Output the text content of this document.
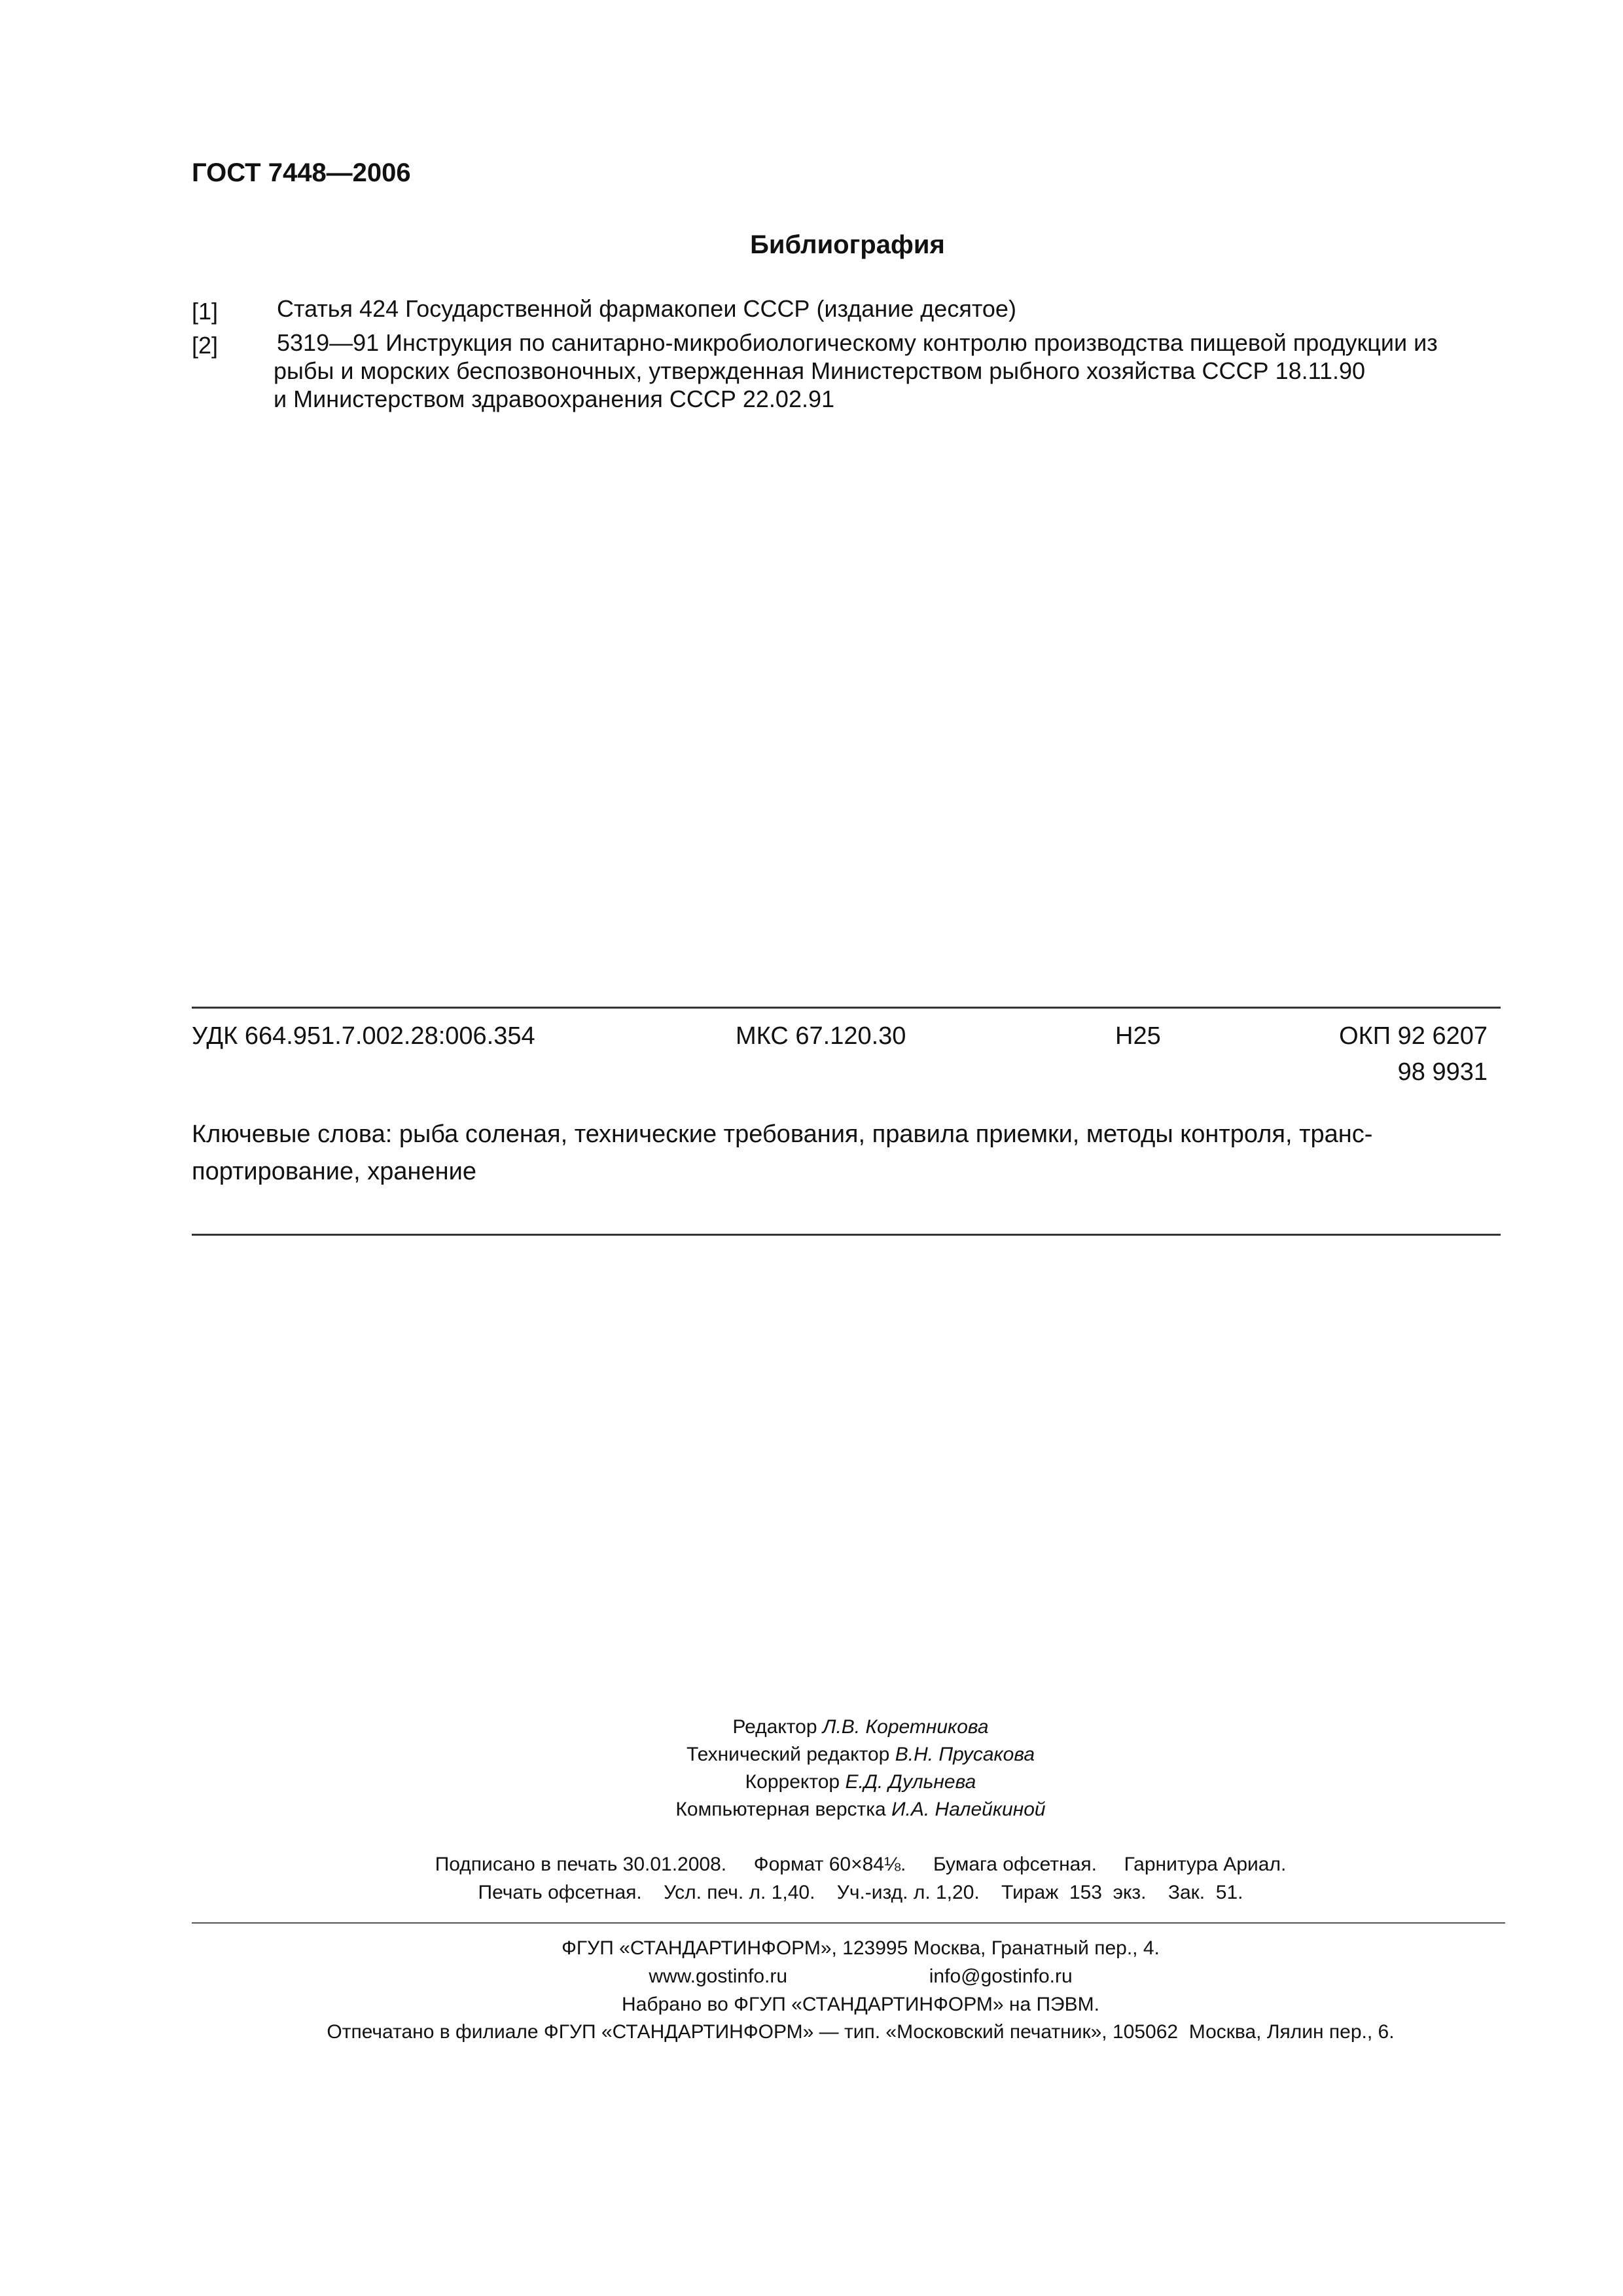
ГОСТ 7448—2006
Библиография
[1] Статья 424 Государственной фармакопеи СССР (издание десятое)
[2] 5319—91 Инструкция по санитарно-микробиологическому контролю производства пищевой продукции из
рыбы и морских беспозвоночных, утвержденная Министерством рыбного хозяйства СССР 18.11.90
и Министерством здравоохранения СССР 22.02.91
УДК 664.951.7.002.28:006.354	МКС 67.120.30	Н25	ОКП 92 6207
98 9931
Ключевые слова: рыба соленая, технические требования, правила приемки, методы контроля, транс-
портирование, хранение
Редактор Л.В. Коретникова
Технический редактор В.Н. Прусакова
Корректор Е.Д. Дульнева
Компьютерная верстка И.А. Налейкиной
Подписано в печать 30.01.2008.     Формат 60×84⅛.     Бумага офсетная.     Гарнитура Ариал.
Печать офсетная.    Усл. печ. л. 1,40.    Уч.-изд. л. 1,20.    Тираж  153  экз.    Зак.  51.
ФГУП «СТАНДАРТИНФОРМ», 123995 Москва, Гранатный пер., 4.
www.gostinfo.ru	info@gostinfo.ru
Набрано во ФГУП «СТАНДАРТИНФОРМ» на ПЭВМ.
Отпечатано в филиале ФГУП «СТАНДАРТИНФОРМ» — тип. «Московский печатник», 105062  Москва, Лялин пер., 6.
